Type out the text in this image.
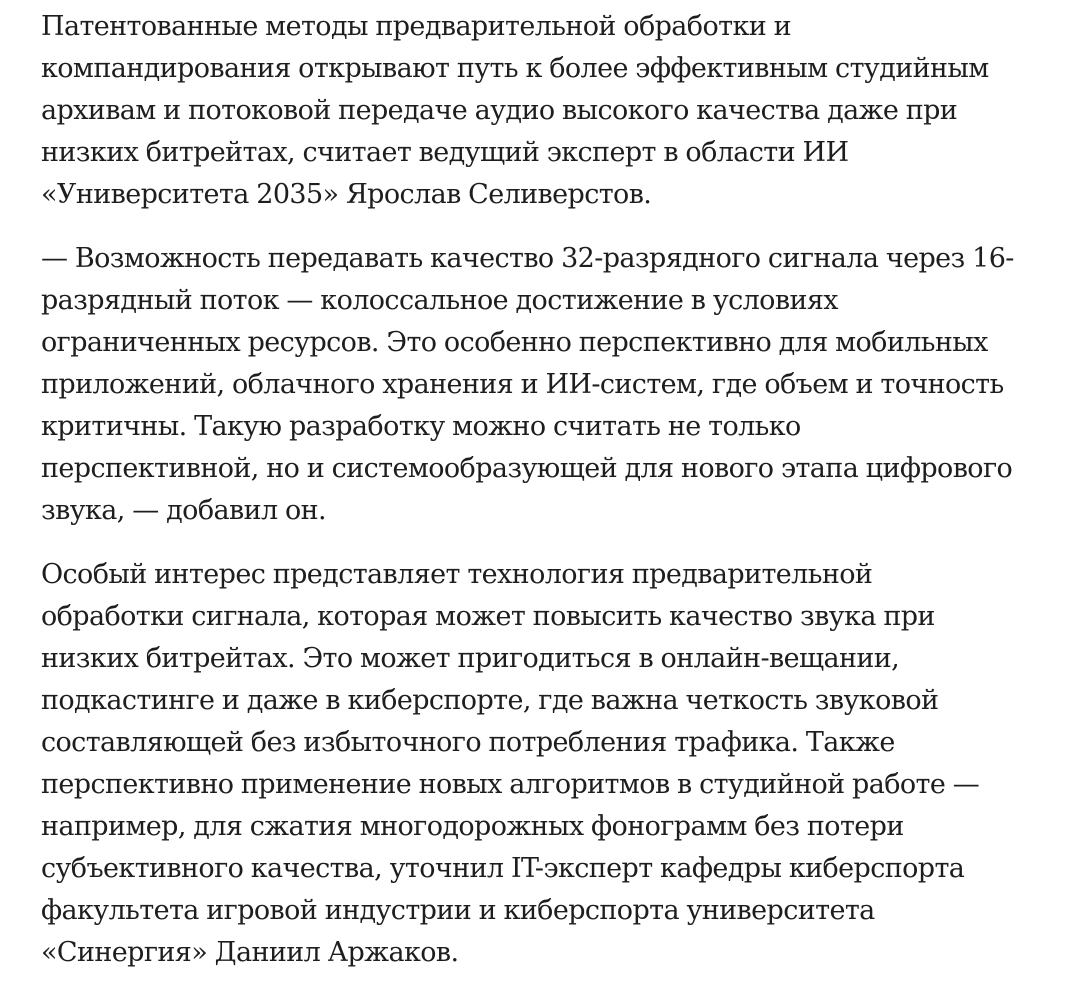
Патентованные методы предварительной обработки и
компандирования открывают путь к более эффективным студийным
архивам и потоковой передаче аудио высокого качества даже при
низких битрейтах, считает ведущий эксперт в области ИИ
«Университета 2035» Ярослав Селиверстов.

— Возможность передавать качество 32-разрядного сигнала через 16-
разрядный поток — колоссальное достижение в условиях
ограниченных ресурсов. Это особенно перспективно для мобильных
приложений, облачного хранения и ИИ-систем, где объем и точность
критичны. Такую разработку можно считать не только
перспективной, но и системообразующей для нового этапа цифрового
звука, — добавил он.

Особый интерес представляет технология предварительной
обработки сигнала, которая может повысить качество звука при
низких битрейтах. Это может пригодиться в онлайн-вещании,
подкастинге и даже в киберспорте, где важна четкость звуковой
составляющей без избыточного потребления трафика. Также
перспективно применение новых алгоритмов в студийной работе —
например, для сжатия многодорожных фонограмм без потери
субъективного качества, уточнил IT-эксперт кафедры киберспорта
факультета игровой индустрии и киберспорта университета
«Синергия» Даниил Аржаков.
